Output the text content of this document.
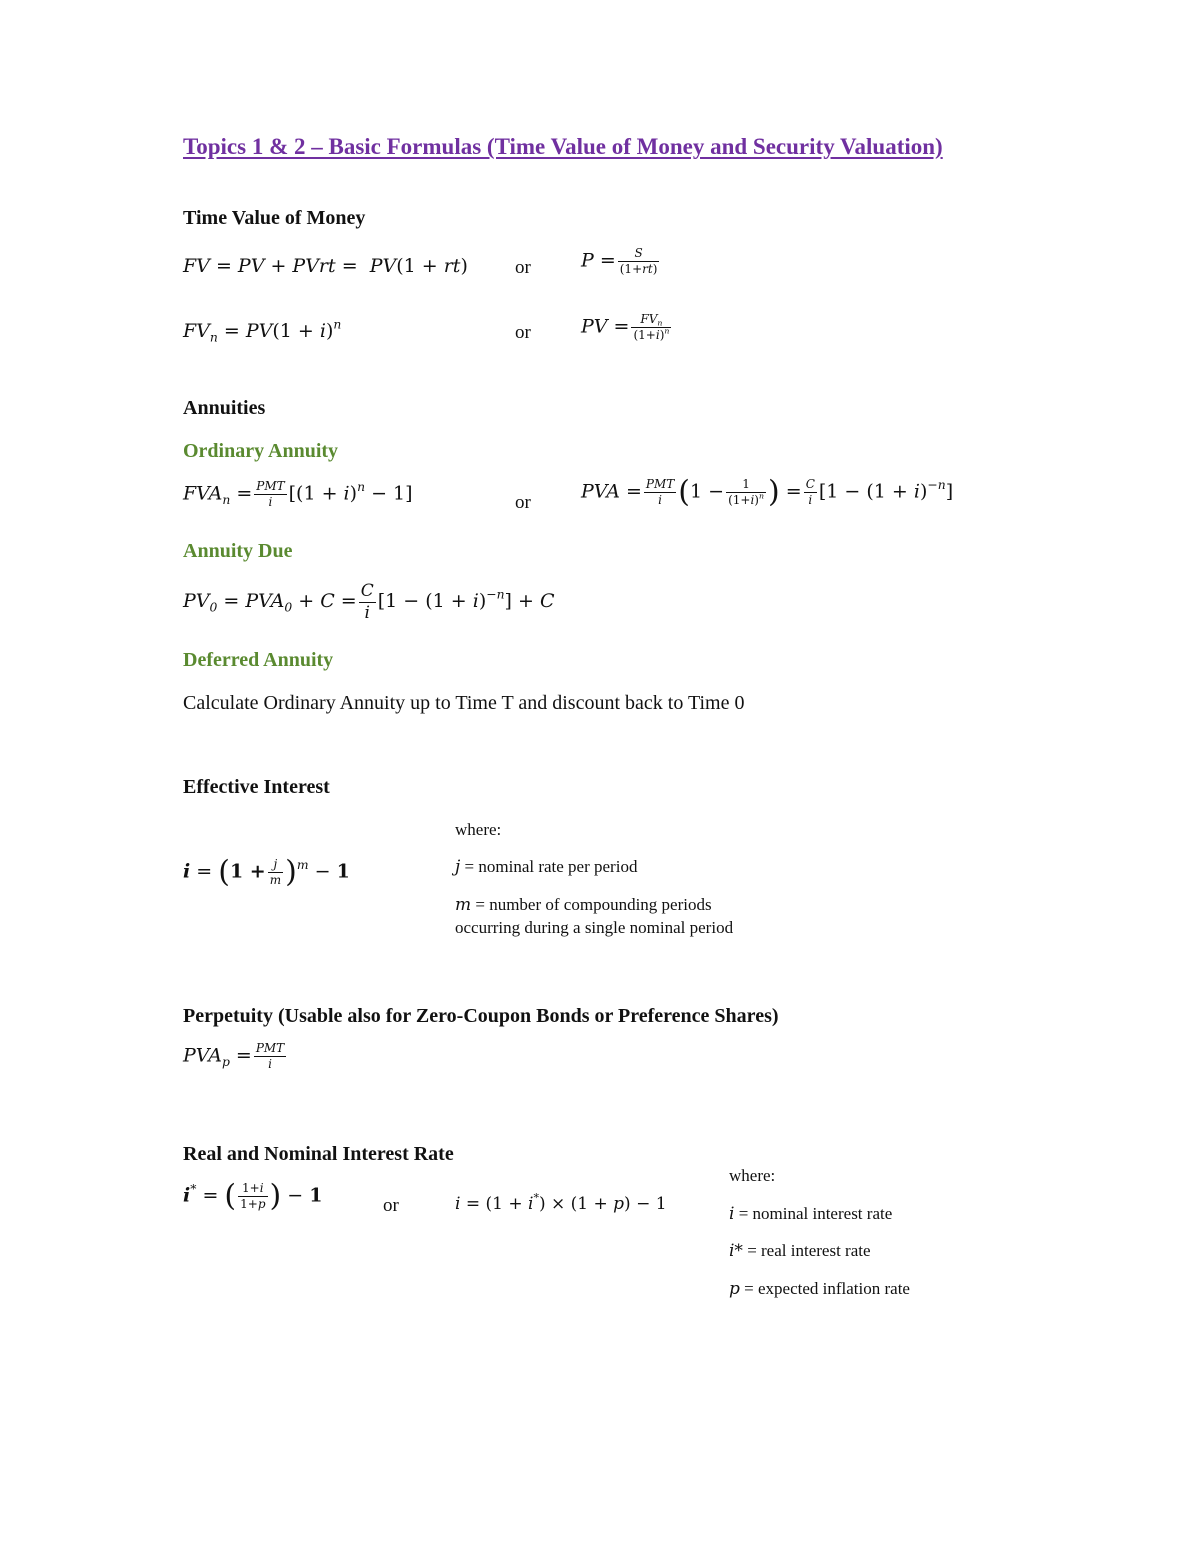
Topics 1 & 2 – Basic Formulas (Time Value of Money and Security Valuation)
Time Value of Money
FV = PV + PVrt =  PV(1 + rt) or	$P = \frac{S}{(1+rt)}$
$FV_n = PV(1 + i)^n$	or	PV = $\frac{FV_n}{(1+i)^n}$
Annuities
Ordinary Annuity
$FVA_n = \frac{\text{PMT}}{i} [(1 + i)^n - 1]$	or	PVA = $\frac{\text{PMT}}{i} (1 - \frac{1}{(1+i)^n}$ ) = $\frac{C}{i} [1 - (1 + i)^{-n}]$
Annuity Due
$PV_0 = PVA_0 + C = \frac{C}{i} [1 - (1 + i)^{-n}] + C$
Deferred Annuity
Calculate Ordinary Annuity up to Time T and discount back to Time 0
Effective Interest
$i = (1 + \frac{j}{m} )^m - 1$
where:
j = nominal rate per period
m = number of compounding periods
occurring during a single nominal period
Perpetuity (Usable also for Zero-Coupon Bonds or Preference Shares)
$PVA_p = \frac{\text{PMT}}{i}$
Real and Nominal Interest Rate
i* = ( $\frac{1+i}{1+p}$ ) − 1	or	i = (1 + i*) × (1 + p) − 1
where:
i = nominal interest rate
i* = real interest rate
p = expected inflation rate
